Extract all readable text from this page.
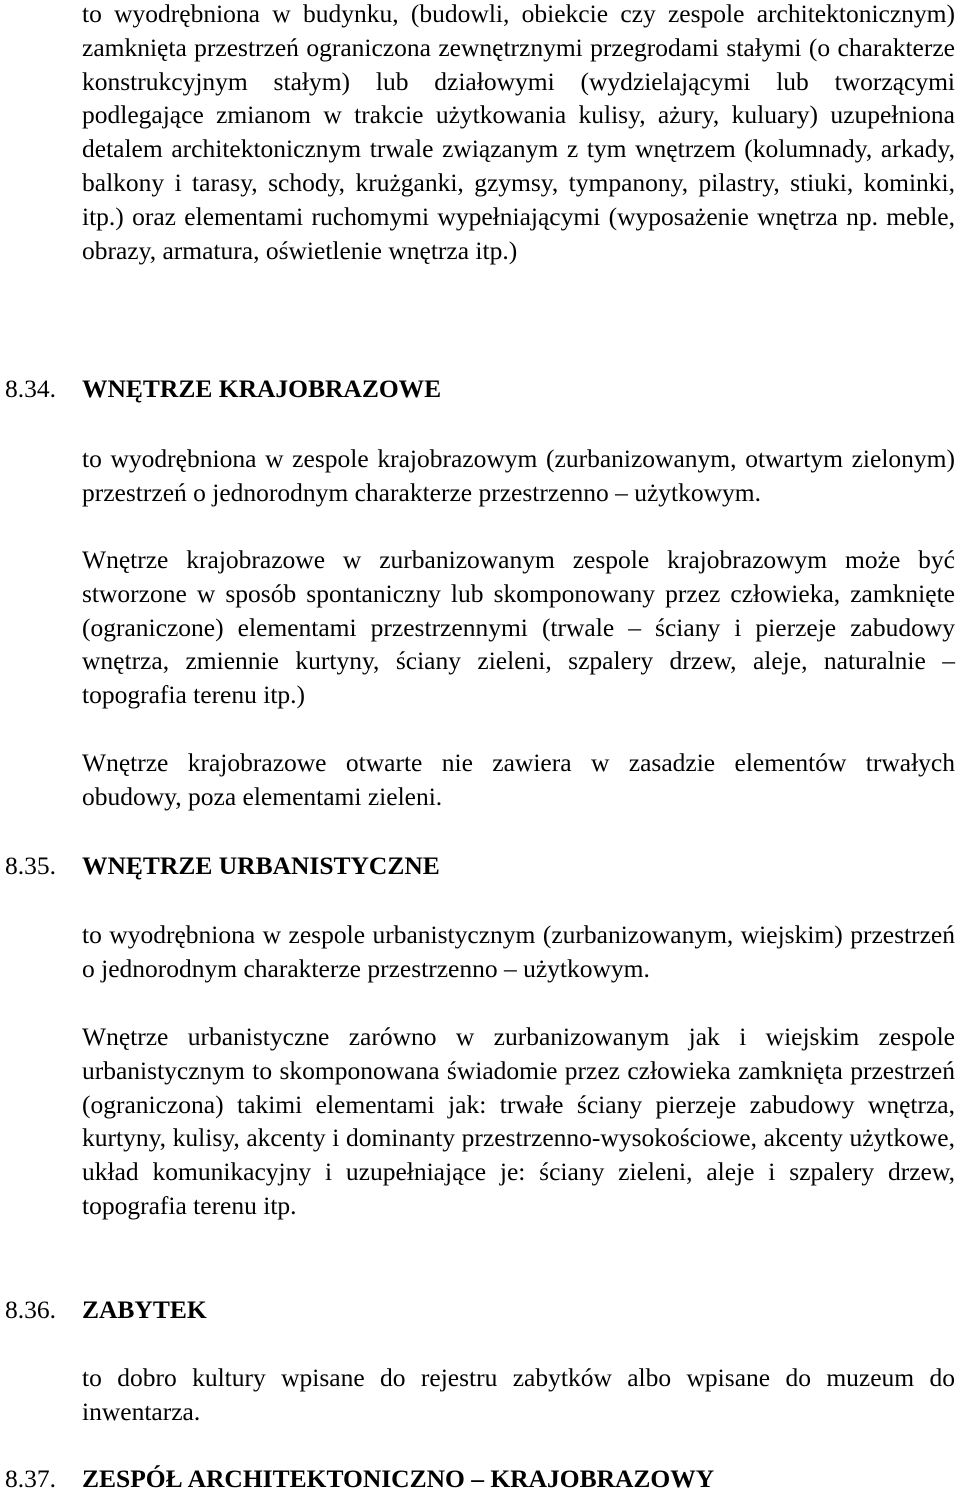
to wyodrębniona w budynku, (budowli, obiekcie czy zespole architektonicznym) zamknięta przestrzeń ograniczona zewnętrznymi przegrodami stałymi (o charakterze konstrukcyjnym stałym) lub działowymi (wydzielającymi lub tworzącymi podlegające zmianom w trakcie użytkowania kulisy, ażury, kuluary) uzupełniona detalem architektonicznym trwale związanym z tym wnętrzem (kolumnady, arkady, balkony i tarasy, schody, krużganki, gzymsy, tympanony, pilastry, stiuki, kominki, itp.) oraz elementami ruchomymi wypełniającymi (wyposażenie wnętrza np. meble, obrazy, armatura, oświetlenie wnętrza itp.)

8.34. WNĘTRZE KRAJOBRAZOWE

to wyodrębniona w zespole krajobrazowym (zurbanizowanym, otwartym zielonym) przestrzeń o jednorodnym charakterze przestrzenno – użytkowym.

Wnętrze krajobrazowe w zurbanizowanym zespole krajobrazowym może być stworzone w sposób spontaniczny lub skomponowany przez człowieka, zamknięte (ograniczone) elementami przestrzennymi (trwale – ściany i pierzeje zabudowy wnętrza, zmiennie kurtyny, ściany zieleni, szpalery drzew, aleje, naturalnie – topografia terenu itp.)

Wnętrze krajobrazowe otwarte nie zawiera w zasadzie elementów trwałych obudowy, poza elementami zieleni.

8.35. WNĘTRZE URBANISTYCZNE

to wyodrębniona w zespole urbanistycznym (zurbanizowanym, wiejskim) przestrzeń o jednorodnym charakterze przestrzenno – użytkowym.

Wnętrze urbanistyczne zarówno w zurbanizowanym jak i wiejskim zespole urbanistycznym to skomponowana świadomie przez człowieka zamknięta przestrzeń (ograniczona) takimi elementami jak: trwałe ściany pierzeje zabudowy wnętrza, kurtyny, kulisy, akcenty i dominanty przestrzenno-wysokościowe, akcenty użytkowe, układ komunikacyjny i uzupełniające je: ściany zieleni, aleje i szpalery drzew, topografia terenu itp.

8.36. ZABYTEK

to dobro kultury wpisane do rejestru zabytków albo wpisane do muzeum do inwentarza.

8.37. ZESPÓŁ ARCHITEKTONICZNO – KRAJOBRAZOWY
